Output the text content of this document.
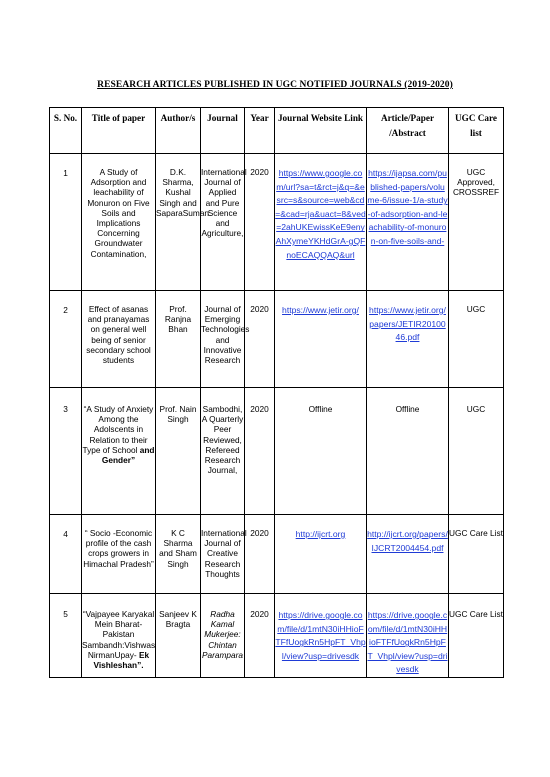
RESEARCH ARTICLES PUBLISHED IN UGC NOTIFIED JOURNALS (2019-2020)
S. No.	Title of paper	Author/s	Journal	Year	Journal Website Link	Article/Paper /Abstract	UGC Care list

1	A Study of Adsorption and leachability of Monuron on Five Soils and Implications Concerning Groundwater Contamination,	D.K. Sharma, Kushal Singh and SaparaSuman.	International Journal of Applied and Pure Science and Agriculture,	2020	https://www.google.com/url?sa=t&rct=j&q=&esrc=s&source=web&cd=&cad=rja&uact=8&ved=2ahUKEwissKeE9enyAhXymeYKHdGrA-gQFnoECAQQAQ&url	https://ijapsa.com/published-papers/volume-6/issue-1/a-study-of-adsorption-and-leachability-of-monuron-on-five-soils-and-	UGC Approved, CROSSREF

2	Effect of asanas and pranayamas on general well being of senior secondary school students	Prof. Ranjna Bhan	Journal of Emerging Technologies and Innovative Research	2020	https://www.jetir.org/	https://www.jetir.org/papers/JETIR2010046.pdf	UGC

3	“A Study of Anxiety Among the Adolscents in Relation to their Type of School and Gender”	Prof. Nain Singh	Sambodhi, A Quarterly Peer Reviewed, Refereed Research Journal,	2020	Offline	Offline	UGC

4	“ Socio -Economic profile of the cash crops growers in Himachal Pradesh”	K C Sharma and Sham Singh	International Journal of Creative Research Thoughts	2020	http://ijcrt.org	http://ijcrt.org/papers/IJCRT2004454.pdf	UGC Care List

5	“Vajpayee Karyakal Mein Bharat-Pakistan Sambandh:Vishwas NirmanUpay- Ek Vishleshan”.	Sanjeev K Bragta	Radha Kamal Mukerjee: Chintan Parampara	2020	https://drive.google.com/file/d/1mtN30iHHioFTFfUogkRn5HpFT_Vhpl/view?usp=drivesdk	https://drive.google.com/file/d/1mtN30iHHioFTFfUogkRn5HpFT_Vhpl/view?usp=drivesdk	UGC Care List
